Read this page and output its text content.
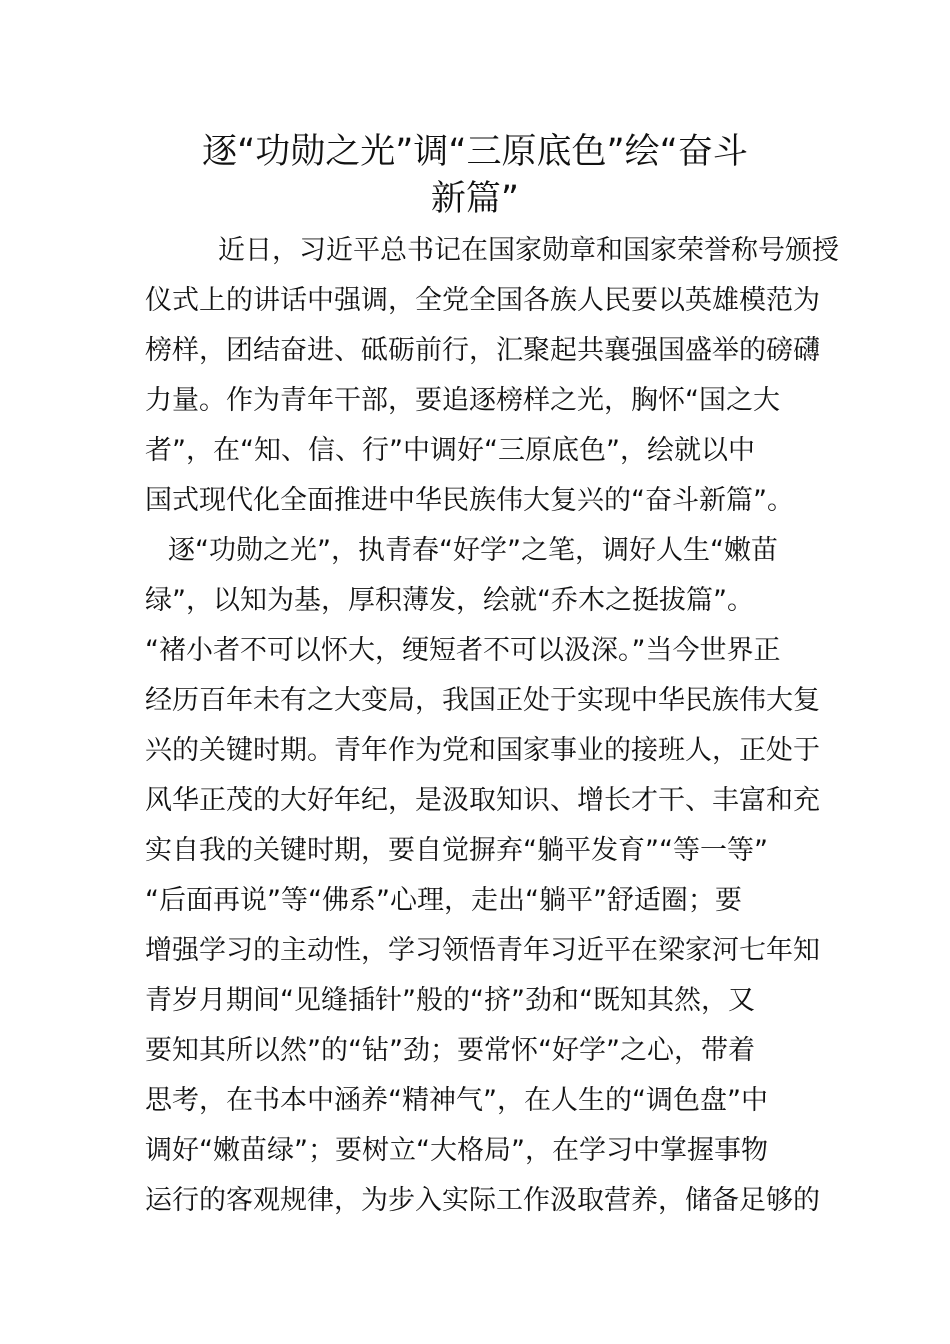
逐“功勋之光”调“三原底色”绘“奋斗
新篇”
近日，习近平总书记在国家勋章和国家荣誉称号颁授
仪式上的讲话中强调，全党全国各族人民要以英雄模范为
榜样，团结奋进、砥砺前行，汇聚起共襄强国盛举的磅礴
力量。作为青年干部，要追逐榜样之光，胸怀“国之大
者”，在“知、信、行”中调好“三原底色”，绘就以中
国式现代化全面推进中华民族伟大复兴的“奋斗新篇”。
逐“功勋之光”，执青春“好学”之笔，调好人生“嫩苗
绿”，以知为基，厚积薄发，绘就“乔木之挺拔篇”。
“褚小者不可以怀大，绠短者不可以汲深。”当今世界正
经历百年未有之大变局，我国正处于实现中华民族伟大复
兴的关键时期。青年作为党和国家事业的接班人，正处于
风华正茂的大好年纪，是汲取知识、增长才干、丰富和充
实自我的关键时期，要自觉摒弃“躺平发育”“等一等”
“后面再说”等“佛系”心理，走出“躺平”舒适圈；要
增强学习的主动性，学习领悟青年习近平在梁家河七年知
青岁月期间“见缝插针”般的“挤”劲和“既知其然，又
要知其所以然”的“钻”劲；要常怀“好学”之心，带着
思考，在书本中涵养“精神气”，在人生的“调色盘”中
调好“嫩苗绿”；要树立“大格局”，在学习中掌握事物
运行的客观规律，为步入实际工作汲取营养，储备足够的
